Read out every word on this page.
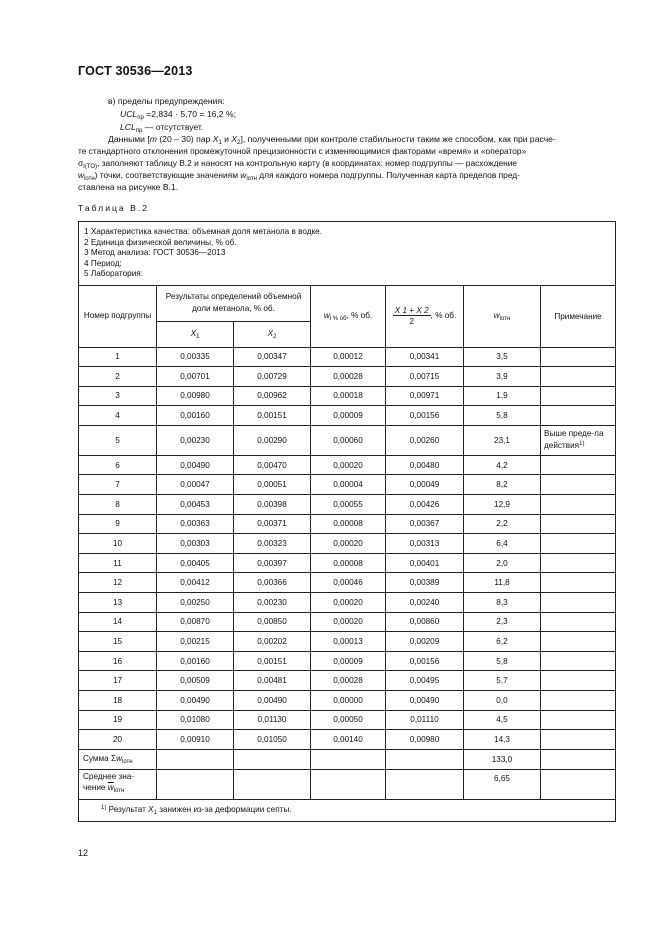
ГОСТ 30536—2013
в) пределы предупреждения:
$UCL_{пр} =2,834 \cdot 5,70 = 16,2$ %;
$LCL_{пр}$ — отсутствует.
Данными [m (20 – 30) пар $X_1$ и $X_2$], полученными при контроле стабильности таким же способом, как при расче-
те стандартного отклонения промежуточной прецизионности с изменяющимися факторами «время» и «оператор»
$\sigma_{I(TO)}$, заполняют таблицу В.2 и наносят на контрольную карту (в координатах: номер подгруппы — расхождение
$w_{lотн}$) точки, соответствующие значениям $w_{lотн}$ для каждого номера подгруппы. Полученная карта пределов пред-
ставлена на рисунке В.1.
Таблица В.2
1 Характеристика качества: объемная доля метанола в водке.
2 Единица физической величины, % об.
3 Метод анализа: ГОСТ 30536—2013
4 Период:
5 Лаборатория:						

Номер подгруппы	Результаты определений объемной доли метанола, % об.		$w_{l \% об}$, % об.	$\frac{X 1 + X 2}{2}$ , % об.	$w_{lотн}$	Примечание
	$X_1$	$X_2$
1	0,00335	0,00347	0,00012	0,00341	3,5	
2	0,00701	0,00729	0,00028	0,00715	3,9	
3	0,00980	0,00962	0,00018	0,00971	1,9	
4	0,00160	0,00151	0,00009	0,00156	5,8	
5	0,00230	0,00290	0,00060	0,00260	23,1	Выше преде-ла действия$^{1)}$
6	0,00490	0,00470	0,00020	0,00480	4,2	
7	0,00047	0,00051	0,00004	0,00049	8,2	
8	0,00453	0,00398	0,00055	0,00426	12,9	
9	0,00363	0,00371	0,00008	0,00367	2,2	
10	0,00303	0,00323	0,00020	0,00313	6,4	
11	0,00405	0,00397	0,00008	0,00401	2,0	
12	0,00412	0,00366	0,00046	0,00389	11,8	
13	0,00250	0,00230	0,00020	0,00240	8,3	
14	0,00870	0,00850	0,00020	0,00860	2,3	
15	0,00215	0,00202	0,00013	0,00209	6,2	
16	0,00160	0,00151	0,00009	0,00156	5,8	
17	0,00509	0,00481	0,00028	0,00495	5,7	
18	0,00490	0,00490	0,00000	0,00490	0,0	
19	0,01080	0,01130	0,00050	0,01110	4,5	
20	0,00910	0,01050	0,00140	0,00980	14,3	
Сумма $\Sigma w_{lотн}$					133,0	
Среднее зна-
чение $\overline{w}_{lотн}$					6,65	
$^{1)}$ Результат $X_1$ занижен из-за деформации септы.						
12
